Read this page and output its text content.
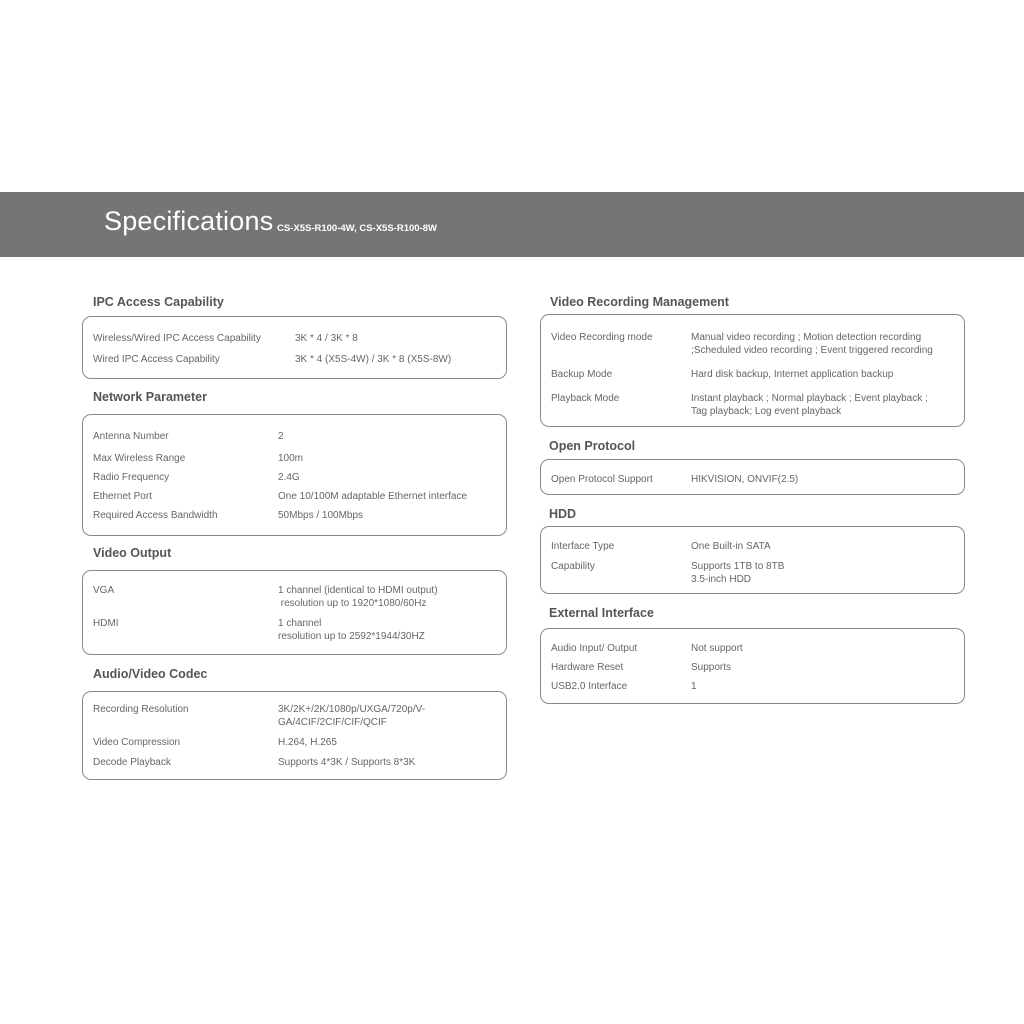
Specifications CS-X5S-R100-4W, CS-X5S-R100-8W
IPC Access Capability
Wireless/Wired IPC Access Capability	3K * 4 / 3K * 8
Wired IPC Access Capability	3K * 4 (X5S-4W) / 3K * 8 (X5S-8W)
Network Parameter
Antenna Number	2
Max Wireless Range	100m
Radio Frequency	2.4G
Ethernet Port	One 10/100M adaptable Ethernet interface
Required Access Bandwidth	50Mbps / 100Mbps
Video Output
VGA	1 channel (identical to HDMI output)
resolution up to 1920*1080/60Hz
HDMI	1 channel
resolution up to 2592*1944/30HZ
Audio/Video Codec
Recording Resolution	3K/2K+/2K/1080p/UXGA/720p/V-
GA/4CIF/2CIF/CIF/QCIF
Video Compression	H.264, H.265
Decode Playback	Supports 4*3K / Supports 8*3K
Video Recording Management
Video Recording mode	Manual video recording ; Motion detection recording
;Scheduled video recording ; Event triggered recording
Backup Mode	Hard disk backup, Internet application backup
Playback Mode	Instant playback ; Normal playback ; Event playback ;
Tag playback; Log event playback
Open Protocol
Open Protocol Support	HIKVISION, ONVIF(2.5)
HDD
Interface Type	One Built-in SATA
Capability	Supports 1TB to 8TB
3.5-inch HDD
External Interface
Audio Input/ Output	Not support
Hardware Reset	Supports
USB2.0 Interface	1
